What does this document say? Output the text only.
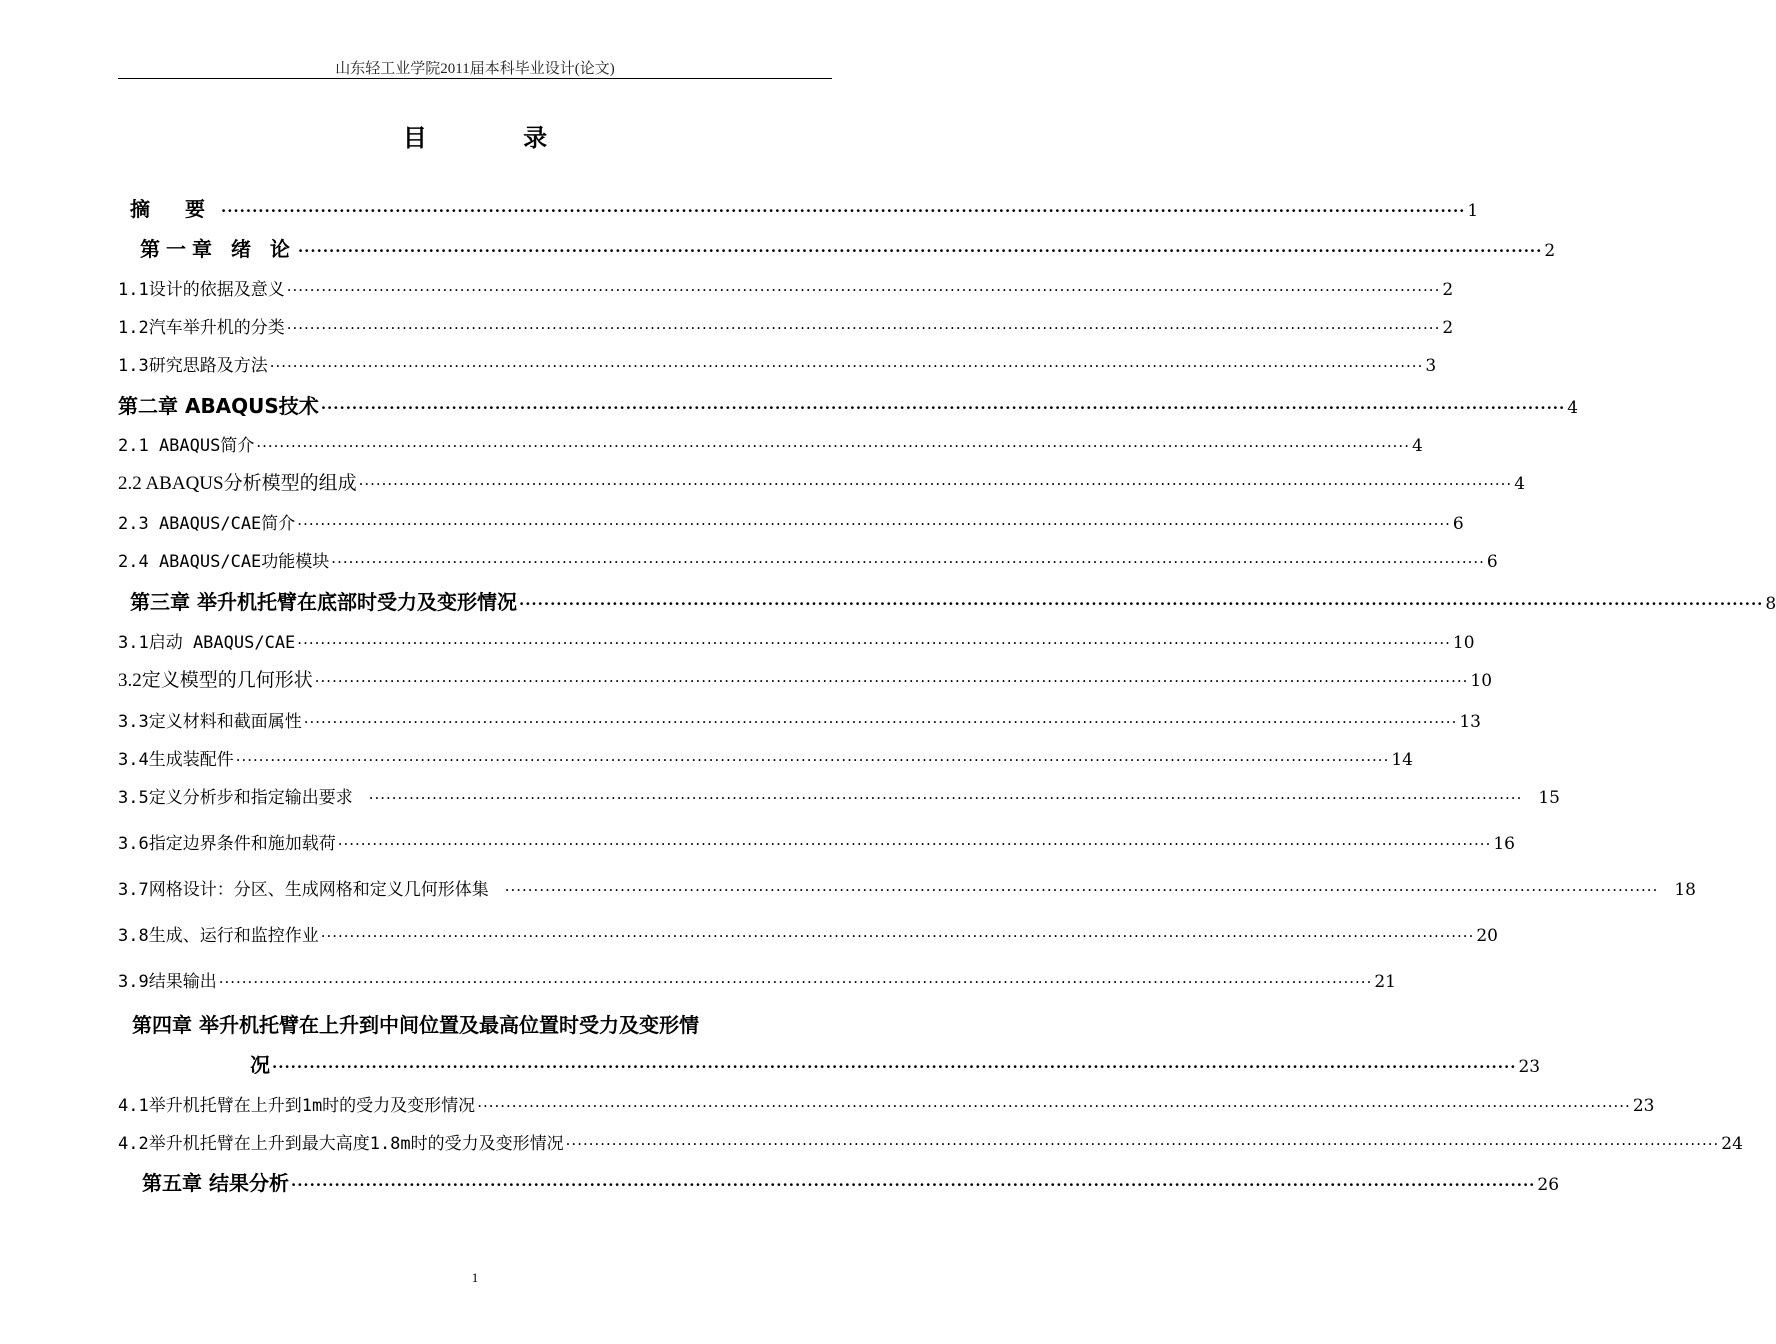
山东轻工业学院2011届本科毕业设计(论文)
目 录
摘 要 ········································································································································································································ 1
第一章 绪 论 ········································································································································································································ 2
1.1设计的依据及意义 ········································································································································································································ 2
1.2汽车举升机的分类 ········································································································································································································ 2
1.3研究思路及方法 ········································································································································································································ 3
第二章 ABAQUS技术 ········································································································································································································ 4
2.1 ABAQUS简介 ········································································································································································································ 4
2.2 ABAQUS分析模型的组成 ········································································································································································································ 4
2.3 ABAQUS/CAE简介 ········································································································································································································ 6
2.4 ABAQUS/CAE功能模块 ········································································································································································································ 6
第三章 举升机托臂在底部时受力及变形情况 ········································································································································································································ 8
3.1启动 ABAQUS/CAE ········································································································································································································ 10
3.2定义模型的几何形状 ········································································································································································································ 10
3.3定义材料和截面属性 ········································································································································································································ 13
3.4生成装配件 ········································································································································································································ 14
3.5定义分析步和指定输出要求 ········································································································································································································ 15
3.6指定边界条件和施加载荷 ········································································································································································································ 16
3.7网格设计：分区、生成网格和定义几何形体集 ········································································································································································································ 18
3.8生成、运行和监控作业 ········································································································································································································ 20
3.9结果输出 ········································································································································································································ 21
第四章 举升机托臂在上升到中间位置及最高位置时受力及变形情
况 ········································································································································································································ 23
4.1举升机托臂在上升到1m时的受力及变形情况 ········································································································································································································ 23
4.2举升机托臂在上升到最大高度1.8m时的受力及变形情况 ········································································································································································································ 24
第五章 结果分析 ········································································································································································································ 26
1
